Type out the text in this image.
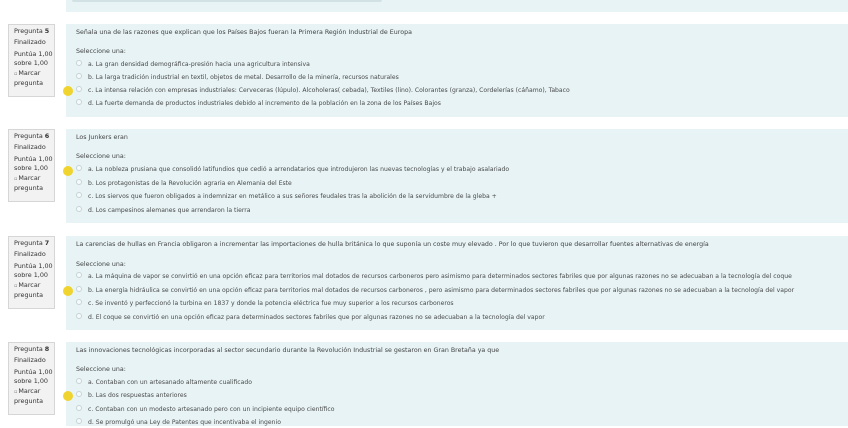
Pregunta 5
Finalizado
Puntúa 1,00 sobre 1,00
▫Marcar pregunta
Señala una de las razones que explican que los Países Bajos fueran la Primera Región Industrial de Europa
Seleccione una:
a. La gran densidad demográfica-presión hacia una agricultura intensiva
b. La larga tradición industrial en textil, objetos de metal. Desarrollo de la minería, recursos naturales
c. La intensa relación con empresas industriales: Cerveceras (lúpulo). Alcoholeras( cebada), Textiles (lino). Colorantes (granza), Cordelerías (cáñamo), Tabaco
d. La fuerte demanda de productos industriales debido al incremento de la población en la zona de los Países Bajos
Pregunta 6
Finalizado
Puntúa 1,00 sobre 1,00
▫Marcar pregunta
Los Junkers eran
Seleccione una:
a. La nobleza prusiana que consolidó latifundios que cedió a arrendatarios que introdujeron las nuevas tecnologías y el trabajo asalariado
b. Los protagonistas de la Revolución agraria en Alemania del Este
c. Los siervos que fueron obligados a indemnizar en metálico a sus señores feudales tras la abolición de la servidumbre de la gleba +
d. Los campesinos alemanes que arrendaron la tierra
Pregunta 7
Finalizado
Puntúa 1,00 sobre 1,00
▫Marcar pregunta
La carencias de hullas en Francia obligaron a incrementar las importaciones de hulla británica lo que suponía un coste muy elevado . Por lo que tuvieron que desarrollar fuentes alternativas de energía
Seleccione una:
a. La máquina de vapor se convirtió en una opción eficaz para territorios mal dotados de recursos carboneros pero asimismo para determinados sectores fabriles que por algunas razones no se adecuaban a la tecnología del coque
b. La energía hidráulica se convirtió en una opción eficaz para territorios mal dotados de recursos carboneros , pero asimismo para determinados sectores fabriles que por algunas razones no se adecuaban a la tecnología del vapor
c. Se inventó y perfeccionó la turbina en 1837 y donde la potencia eléctrica fue muy superior a los recursos carboneros
d. El coque se convirtió en una opción eficaz para determinados sectores fabriles que por algunas razones no se adecuaban a la tecnología del vapor
Pregunta 8
Finalizado
Puntúa 1,00 sobre 1,00
▫Marcar pregunta
Las innovaciones tecnológicas incorporadas al sector secundario durante la Revolución Industrial se gestaron en Gran Bretaña ya que
Seleccione una:
a. Contaban con un artesanado altamente cualificado
b. Las dos respuestas anteriores
c. Contaban con un modesto artesanado pero con un incipiente equipo científico
d. Se promulgó una Ley de Patentes que incentivaba el ingenio
